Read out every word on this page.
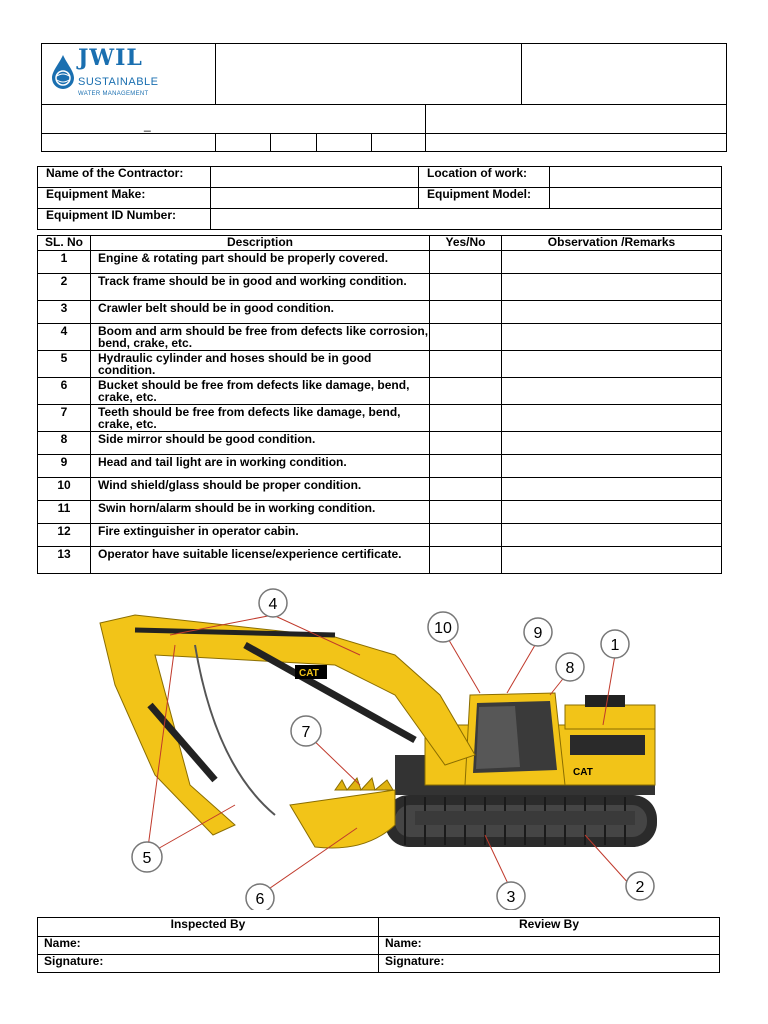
JWIL
SUSTAINABLE
WATER MANAGEMENT						

_						

Name of the Contractor:		Location of work:	
Equipment Make:		Equipment Model:	
Equipment ID Number:			
SL. No	Description	Yes/No	Observation /Remarks
1	Engine & rotating part should be properly covered.		
2	Track frame should be in good and working condition.		
3	Crawler belt should be in good condition.		
4	Boom and arm should be free from defects like corrosion, bend, crake, etc.		
5	Hydraulic cylinder and hoses should be in good condition.		
6	Bucket should be free from defects like damage, bend, crake, etc.		
7	Teeth should be free from defects like damage, bend, crake, etc.		
8	Side mirror should be good condition.		
9	Head and tail light are in working condition.		
10	Wind shield/glass should be proper condition.		
11	Swin horn/alarm should be in working condition.		
12	Fire extinguisher in operator cabin.		
13	Operator have suitable license/experience certificate.		
CAT
CAT
4
10	9
1
8
7
5
6	3
2
Inspected By	Review By
Name:	Name:
Signature:	Signature:
